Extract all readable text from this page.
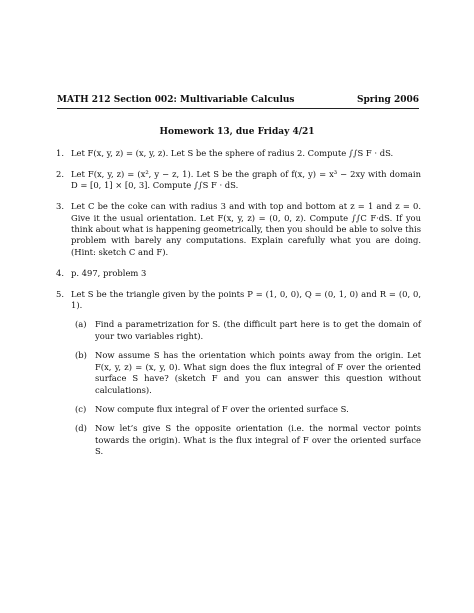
MATH 212 Section 002: Multivariable Calculus	Spring 2006
Homework 13, due Friday 4/21
1. Let F(x, y, z) = (x, y, z). Let S be the sphere of radius 2. Compute ∫∫S F · dS.
2. Let F(x, y, z) = (x², y − z, 1). Let S be the graph of f(x, y) = x³ − 2xy with domain D = [0, 1] × [0, 3]. Compute ∫∫S F · dS.
3. Let C be the coke can with radius 3 and with top and bottom at z = 1 and z = 0. Give it the usual orientation. Let F(x, y, z) = (0, 0, z). Compute ∫∫C F·dS. If you think about what is happening geometrically, then you should be able to solve this problem with barely any computations. Explain carefully what you are doing. (Hint: sketch C and F).
4. p. 497, problem 3
5. Let S be the triangle given by the points P = (1, 0, 0), Q = (0, 1, 0) and R = (0, 0, 1).
(a)	Find a parametrization for S. (the difficult part here is to get the domain of your two variables right).
(b) Now assume S has the orientation which points away from the origin. Let F(x, y, z) = (x, y, 0). What sign does the flux integral of F over the oriented surface S have? (sketch F and you can answer this question without calculations).
(c)	Now compute flux integral of F over the oriented surface S.
(d) Now let’s give S the opposite orientation (i.e. the normal vector points towards the origin). What is the flux integral of F over the oriented surface S.
